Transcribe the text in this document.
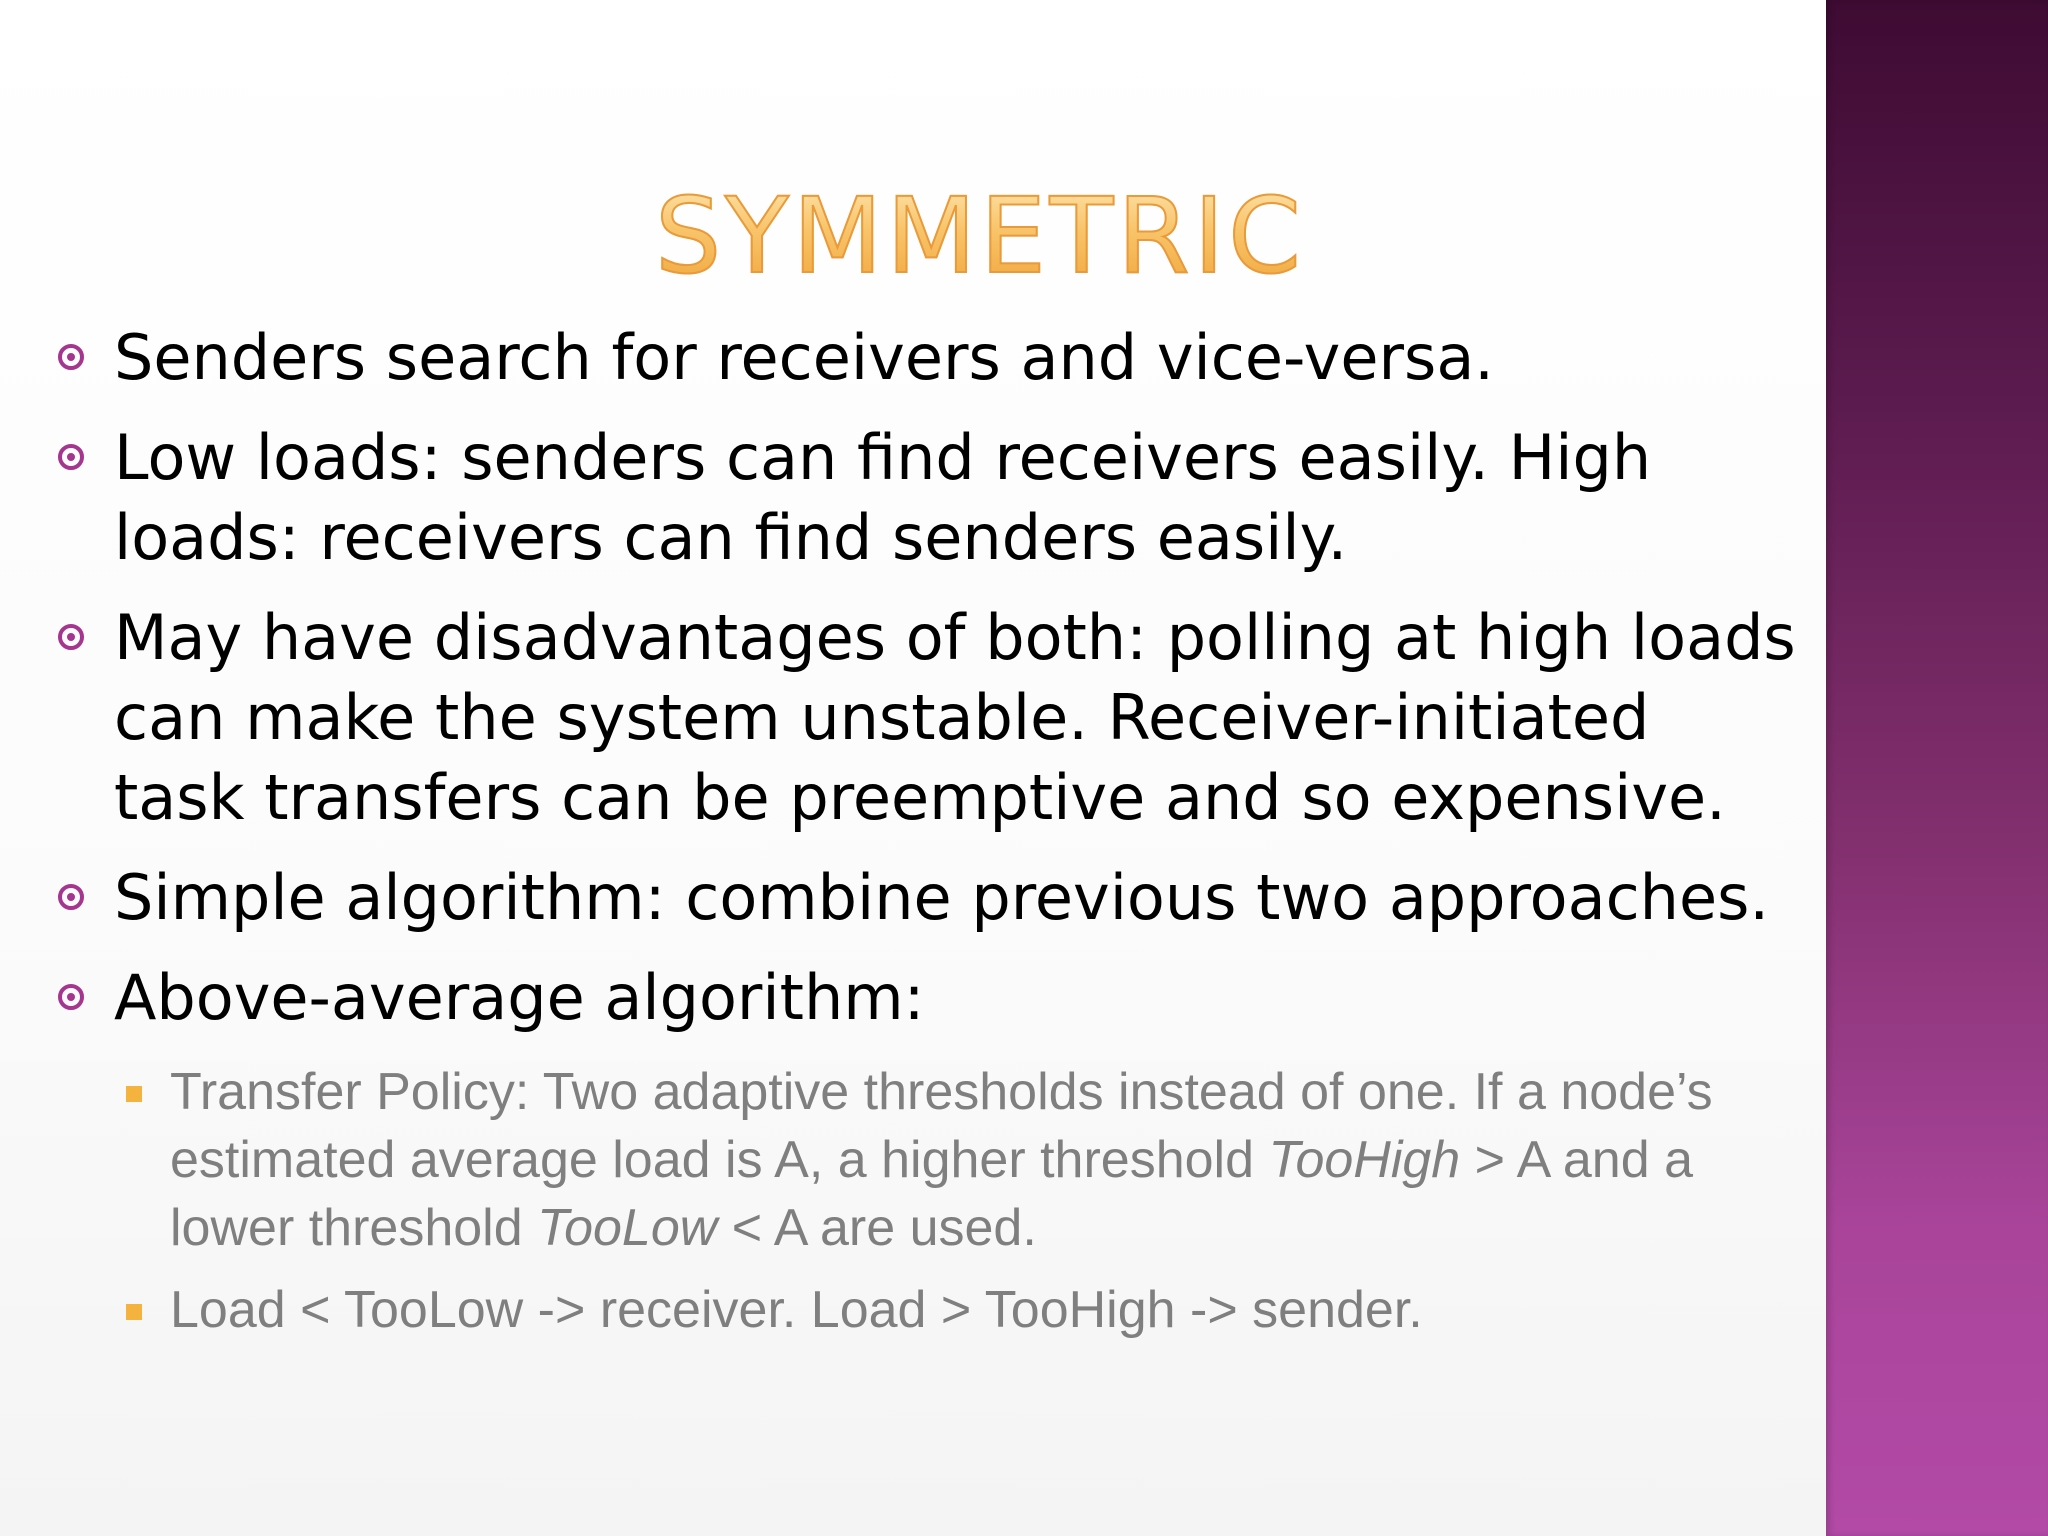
SYMMETRIC
Senders search for receivers and vice-versa.
Low loads: senders can find receivers easily. High loads: receivers can find senders easily.
May have disadvantages of both: polling at high loads can make the system unstable. Receiver-initiated task transfers can be preemptive and so expensive.
Simple algorithm: combine previous two approaches.
Above-average algorithm:
Transfer Policy: Two adaptive thresholds instead of one. If a node’s estimated average load is A, a higher threshold TooHigh > A and a lower threshold TooLow < A are used.
Load < TooLow -> receiver. Load > TooHigh -> sender.
